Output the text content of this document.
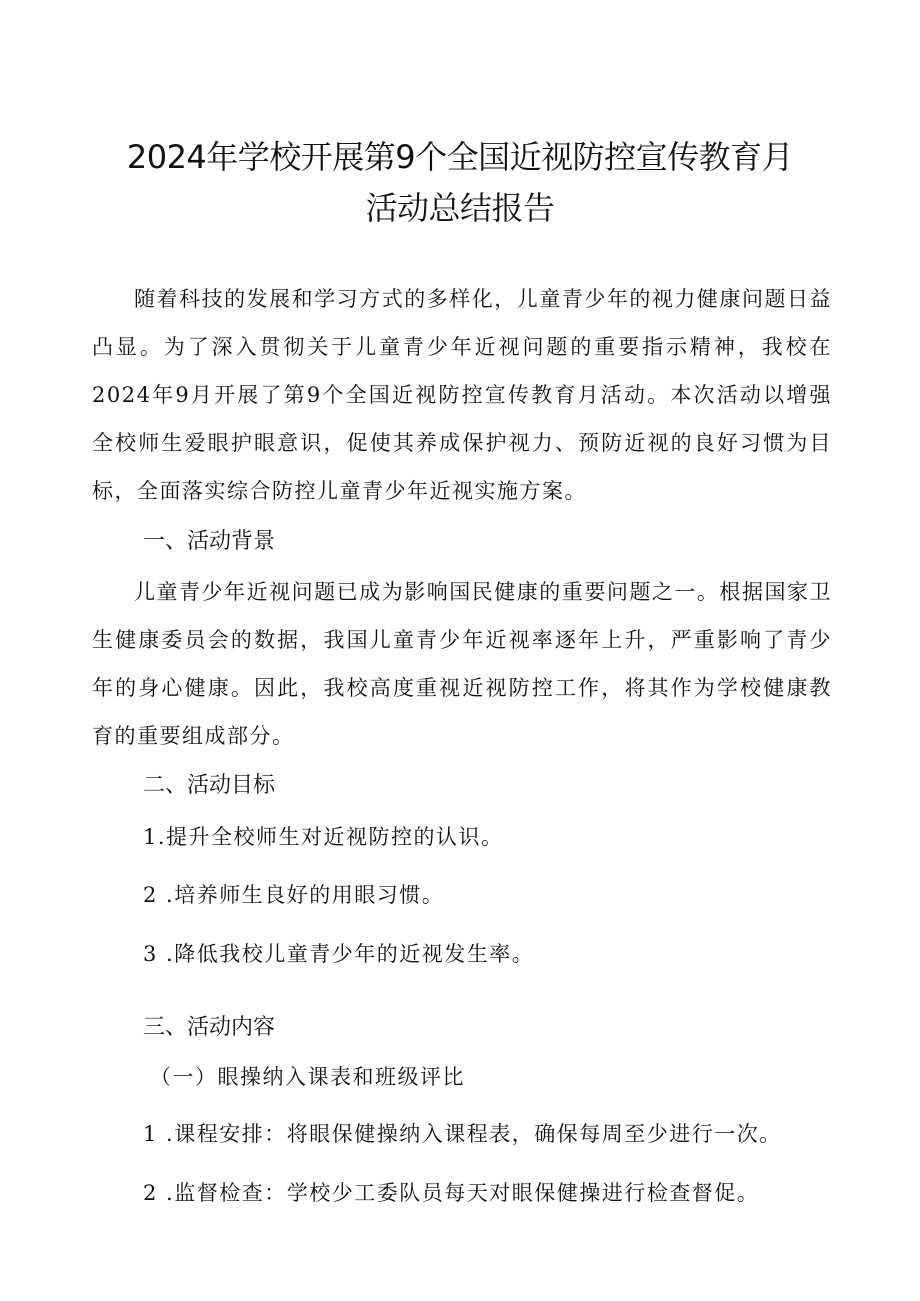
2024年学校开展第9个全国近视防控宣传教育月
活动总结报告
随着科技的发展和学习方式的多样化，儿童青少年的视力健康问题日益凸显。为了深入贯彻关于儿童青少年近视问题的重要指示精神，我校在2024年9月开展了第9个全国近视防控宣传教育月活动。本次活动以增强全校师生爱眼护眼意识，促使其养成保护视力、预防近视的良好习惯为目标，全面落实综合防控儿童青少年近视实施方案。
一、活动背景
儿童青少年近视问题已成为影响国民健康的重要问题之一。根据国家卫生健康委员会的数据，我国儿童青少年近视率逐年上升，严重影响了青少年的身心健康。因此，我校高度重视近视防控工作，将其作为学校健康教育的重要组成部分。
二、活动目标
1.提升全校师生对近视防控的认识。
2 .培养师生良好的用眼习惯。
3 .降低我校儿童青少年的近视发生率。
三、活动内容
（一）眼操纳入课表和班级评比
1 .课程安排：将眼保健操纳入课程表，确保每周至少进行一次。
2 .监督检查：学校少工委队员每天对眼保健操进行检查督促。
